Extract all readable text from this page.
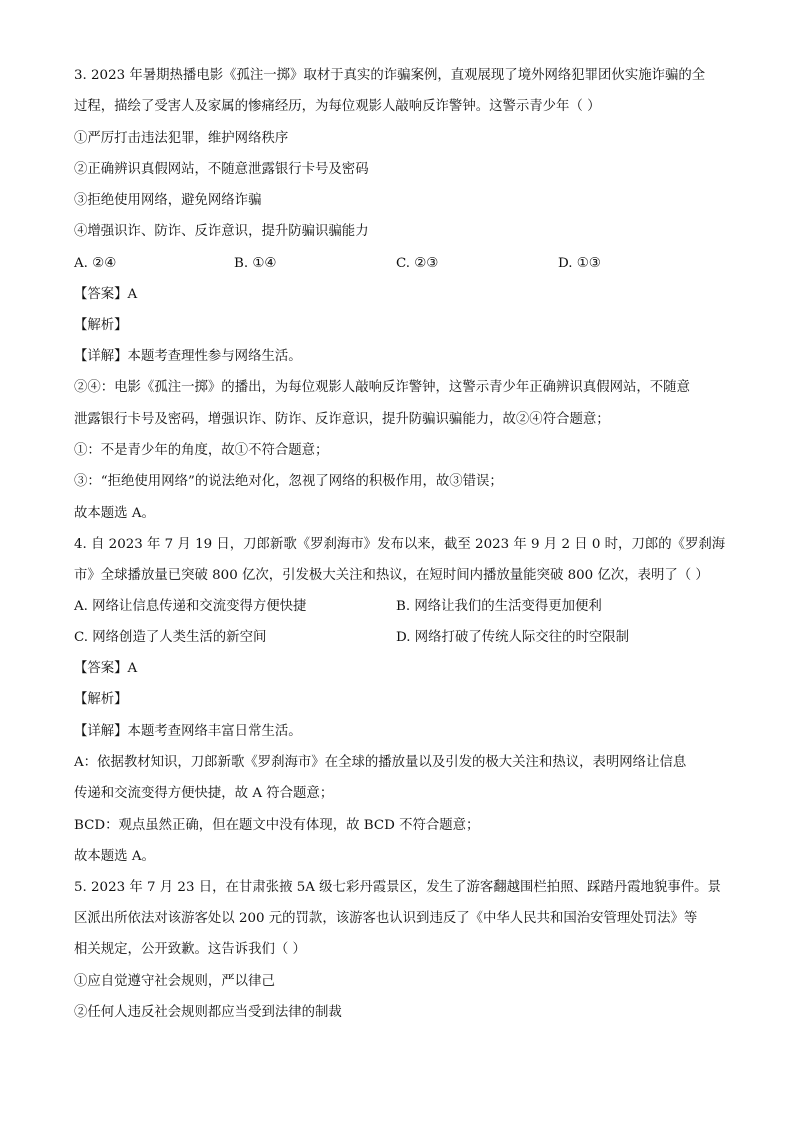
3. 2023 年暑期热播电影《孤注一掷》取材于真实的诈骗案例，直观展现了境外网络犯罪团伙实施诈骗的全
过程，描绘了受害人及家属的惨痛经历，为每位观影人敲响反诈警钟。这警示青少年（ ）
①严厉打击违法犯罪，维护网络秩序
②正确辨识真假网站，不随意泄露银行卡号及密码
③拒绝使用网络，避免网络诈骗
④增强识诈、防诈、反诈意识，提升防骗识骗能力
A. ②④	B. ①④	C. ②③	D. ①③
【答案】A
【解析】
【详解】本题考查理性参与网络生活。
②④：电影《孤注一掷》的播出，为每位观影人敲响反诈警钟，这警示青少年正确辨识真假网站，不随意
泄露银行卡号及密码，增强识诈、防诈、反诈意识，提升防骗识骗能力，故②④符合题意；
①：不是青少年的角度，故①不符合题意；
③：“拒绝使用网络”的说法绝对化，忽视了网络的积极作用，故③错误；
故本题选 A。
4. 自 2023 年 7 月 19 日，刀郎新歌《罗刹海市》发布以来，截至 2023 年 9 月 2 日 0 时，刀郎的《罗刹海
市》全球播放量已突破 800 亿次，引发极大关注和热议，在短时间内播放量能突破 800 亿次，表明了（ ）
A. 网络让信息传递和交流变得方便快捷	B. 网络让我们的生活变得更加便利
C. 网络创造了人类生活的新空间	D. 网络打破了传统人际交往的时空限制
【答案】A
【解析】
【详解】本题考查网络丰富日常生活。
A：依据教材知识，刀郎新歌《罗刹海市》在全球的播放量以及引发的极大关注和热议，表明网络让信息
传递和交流变得方便快捷，故 A 符合题意；
BCD：观点虽然正确，但在题文中没有体现，故 BCD 不符合题意；
故本题选 A。
5. 2023 年 7 月 23 日，在甘肃张掖 5A 级七彩丹霞景区，发生了游客翻越围栏拍照、踩踏丹霞地貌事件。景
区派出所依法对该游客处以 200 元的罚款，该游客也认识到违反了《中华人民共和国治安管理处罚法》等
相关规定，公开致歉。这告诉我们（ ）
①应自觉遵守社会规则，严以律己
②任何人违反社会规则都应当受到法律的制裁
